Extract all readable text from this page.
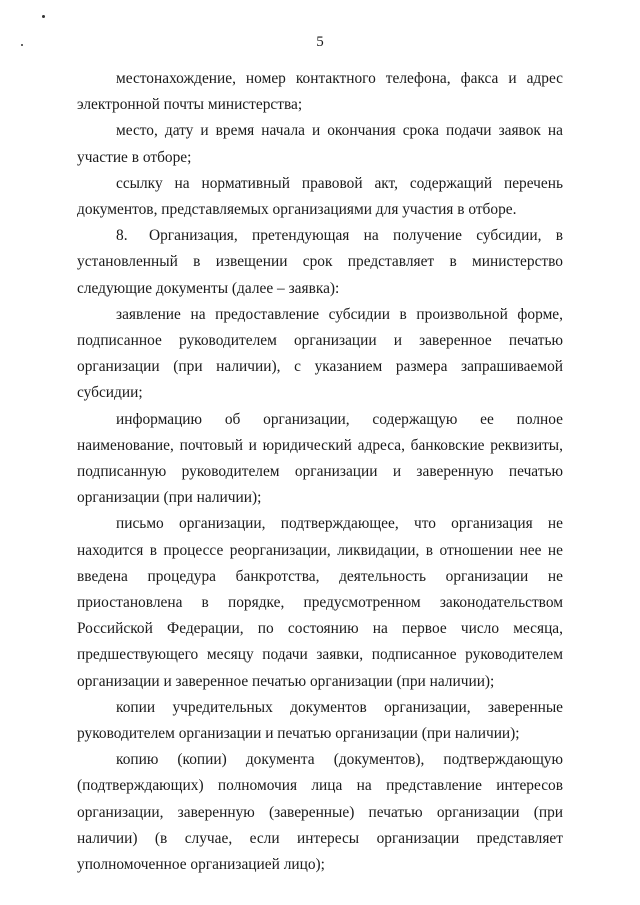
5

местонахождение, номер контактного телефона, факса и адрес электронной почты министерства;

место, дату и время начала и окончания срока подачи заявок на участие в отборе;

ссылку на нормативный правовой акт, содержащий перечень документов, представляемых организациями для участия в отборе.

8. Организация, претендующая на получение субсидии, в установленный в извещении срок представляет в министерство следующие документы (далее – заявка):

заявление на предоставление субсидии в произвольной форме, подписанное руководителем организации и заверенное печатью организации (при наличии), с указанием размера запрашиваемой субсидии;

информацию об организации, содержащую ее полное наименование, почтовый и юридический адреса, банковские реквизиты, подписанную руководителем организации и заверенную печатью организации (при наличии);

письмо организации, подтверждающее, что организация не находится в процессе реорганизации, ликвидации, в отношении нее не введена процедура банкротства, деятельность организации не приостановлена в порядке, предусмотренном законодательством Российской Федерации, по состоянию на первое число месяца, предшествующего месяцу подачи заявки, подписанное руководителем организации и заверенное печатью организации (при наличии);

копии учредительных документов организации, заверенные руководителем организации и печатью организации (при наличии);

копию (копии) документа (документов), подтверждающую (подтверждающих) полномочия лица на представление интересов организации, заверенную (заверенные) печатью организации (при наличии) (в случае, если интересы организации представляет уполномоченное организацией лицо);
